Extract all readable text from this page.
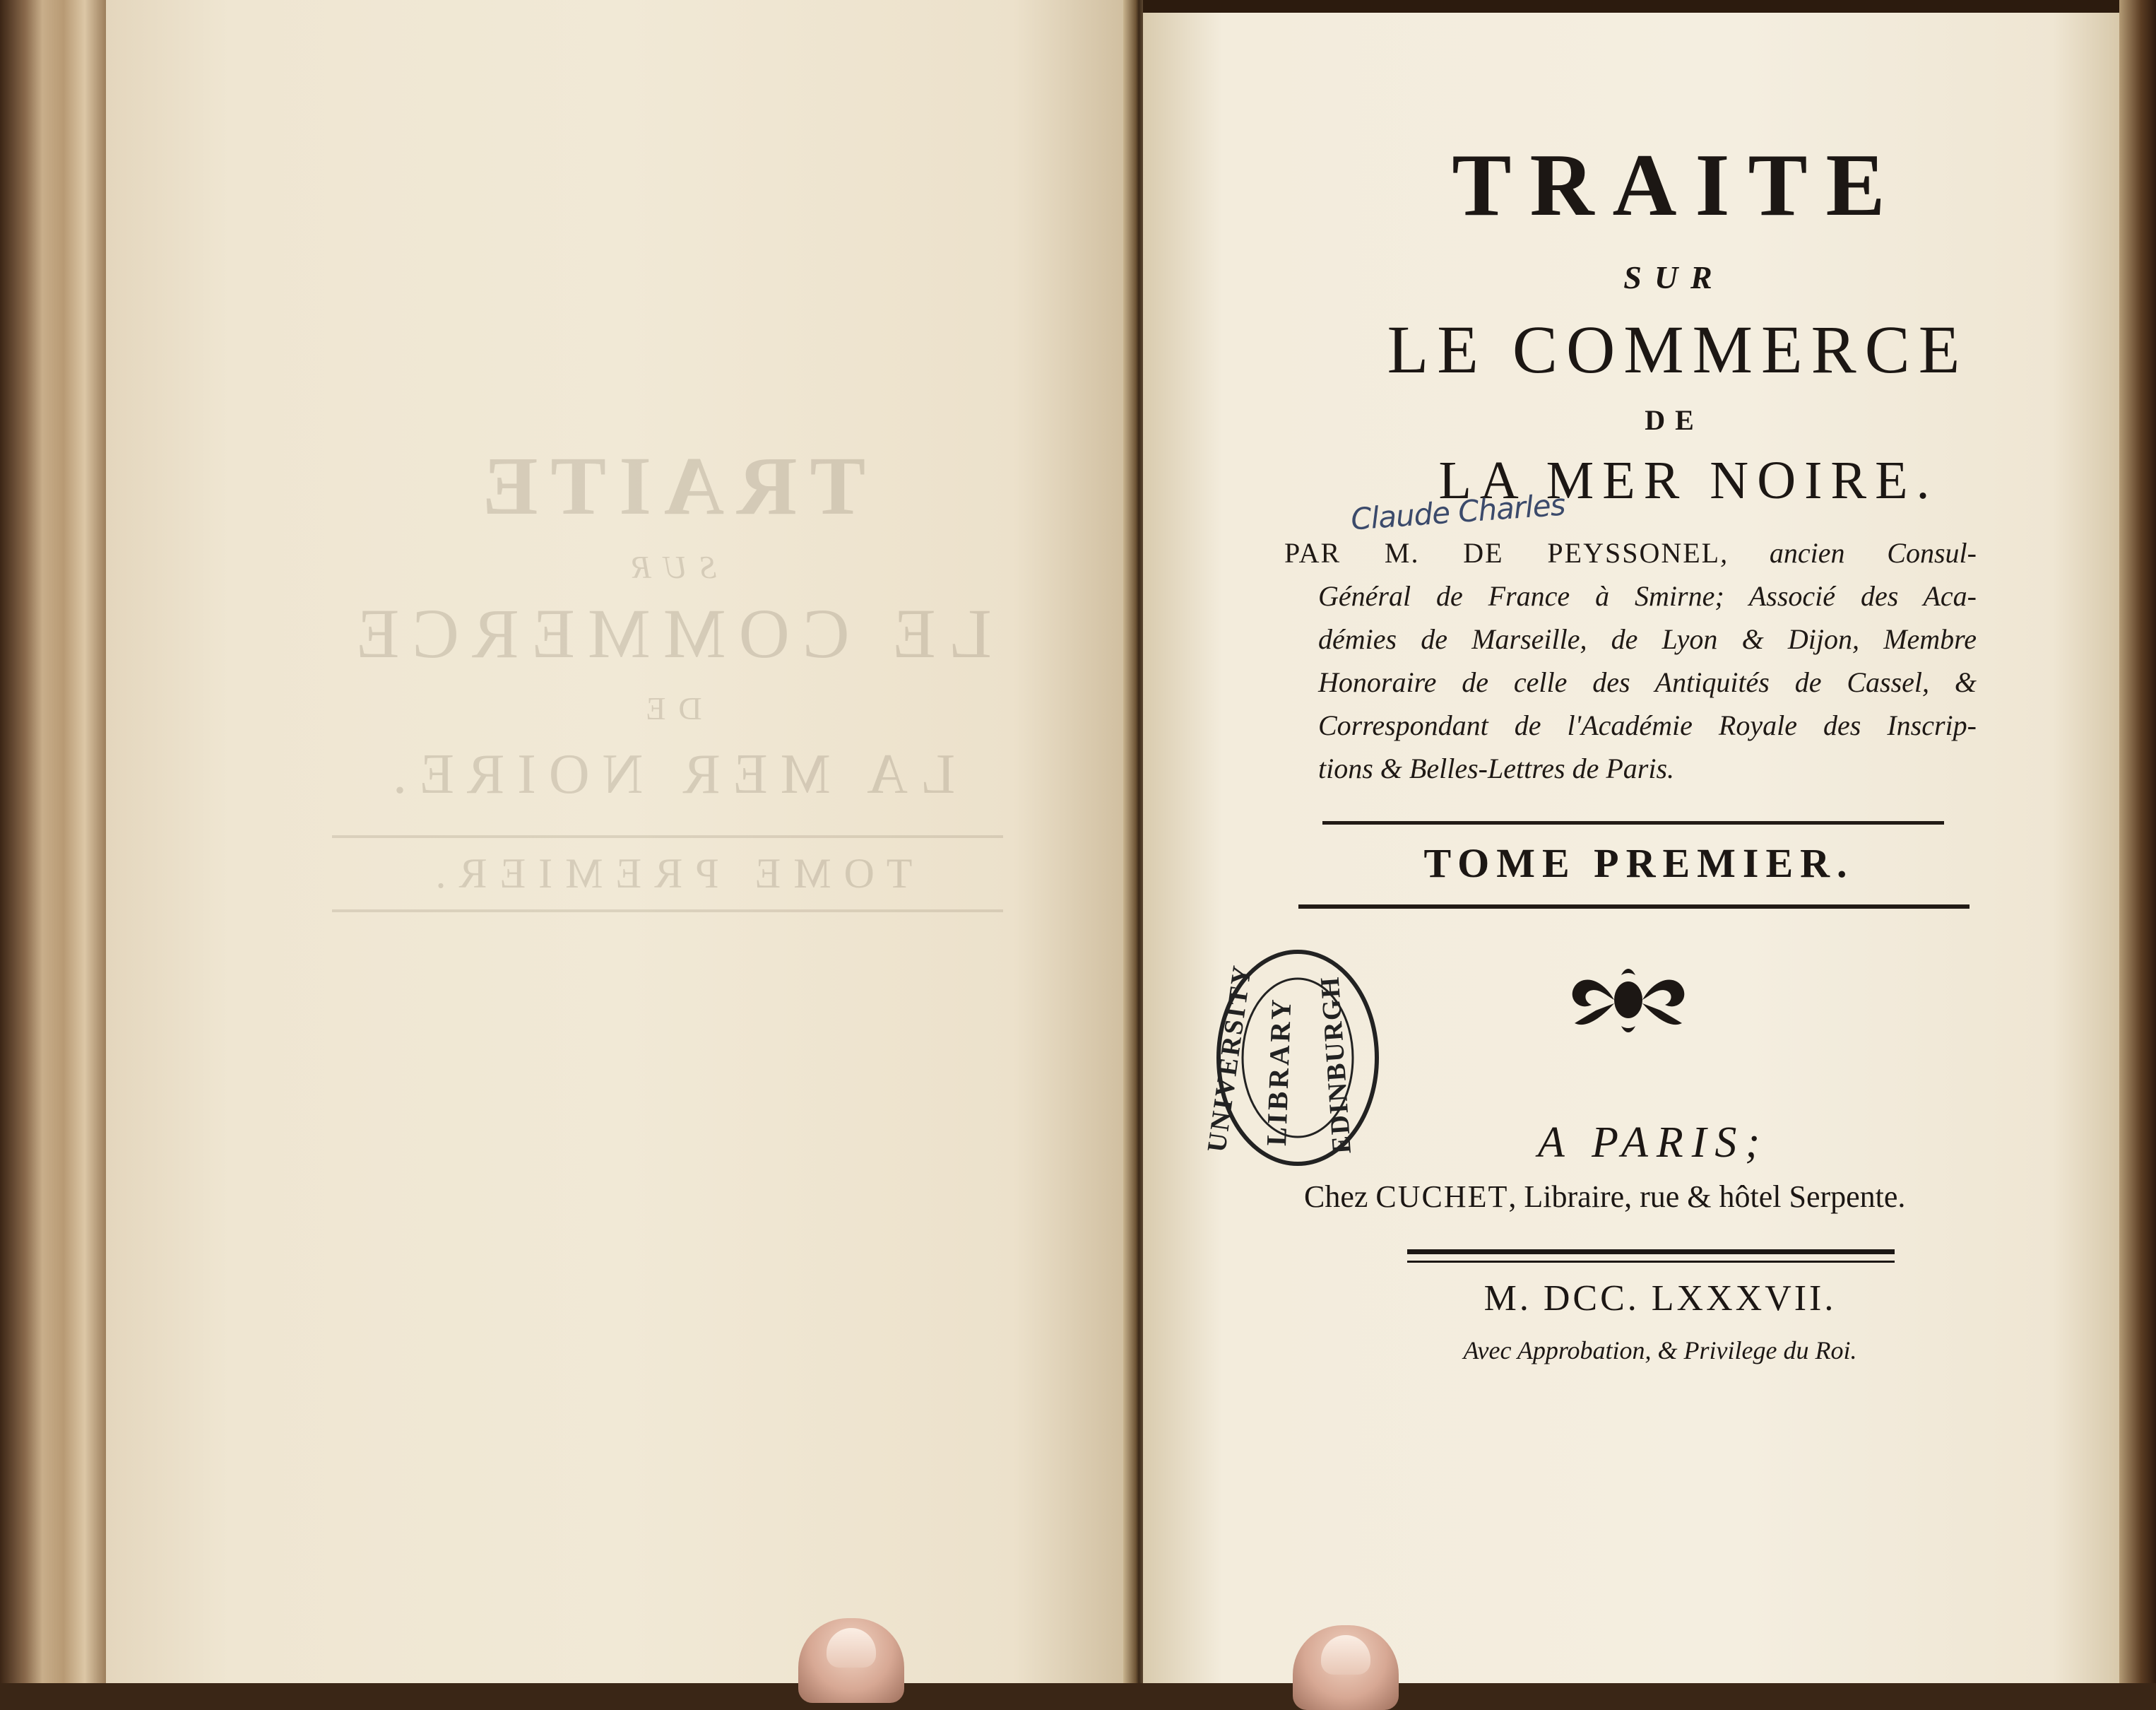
TRAITE
SUR
LE COMMERCE
DE
LA MER NOIRE.
TOME PREMIER.
TRAITE
SUR
LE COMMERCE
DE
LA MER NOIRE.
Claude Charles
PAR M. DE PEYSSONEL, ancien Consul-
Général de France à Smirne; Associé des Aca-
démies de Marseille, de Lyon & Dijon, Membre
Honoraire de celle des Antiquités de Cassel, &
Correspondant de l'Académie Royale des Inscrip-
tions & Belles-Lettres de Paris.
TOME PREMIER.
UNIVERSITY LIBRARY EDINBURGH	A PARIS;
Chez CUCHET, Libraire, rue & hôtel Serpente.
M. DCC. LXXXVII.
Avec Approbation, & Privilege du Roi.
